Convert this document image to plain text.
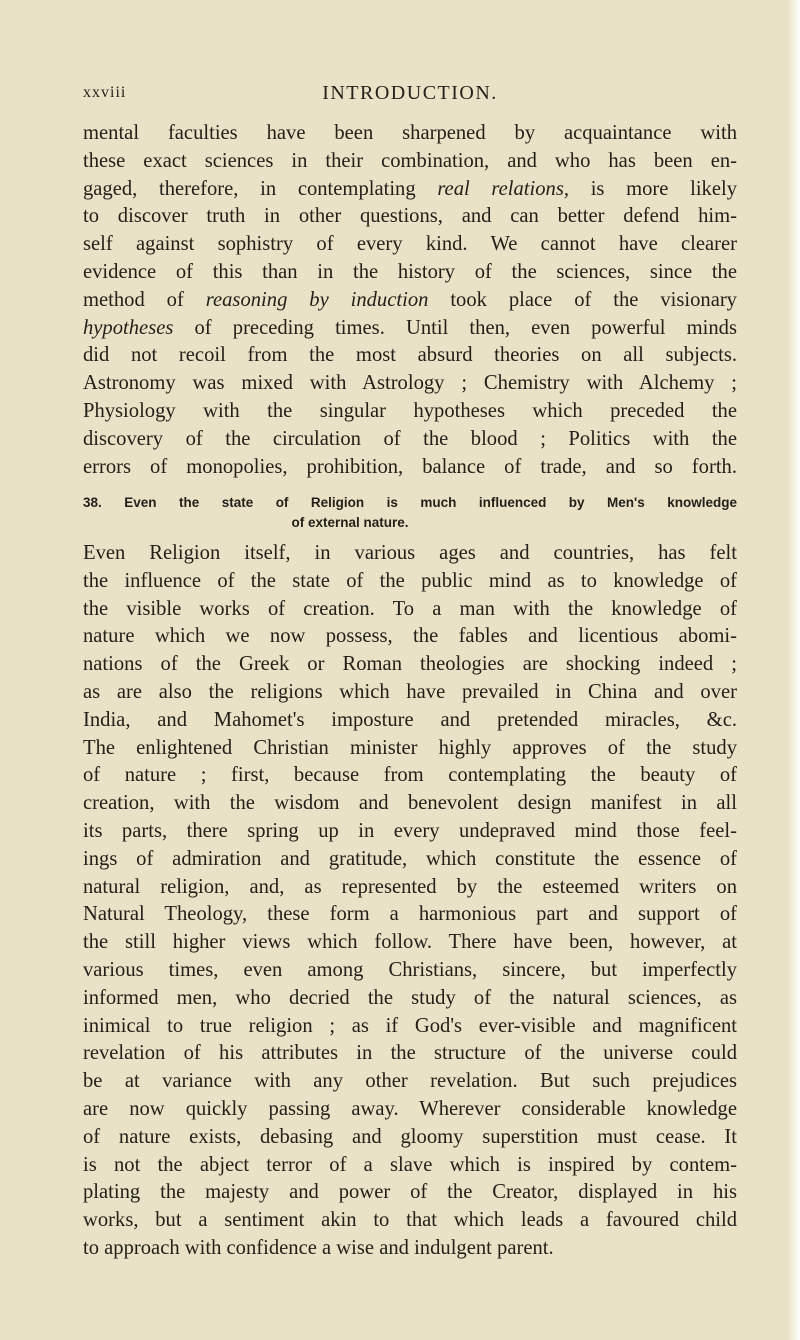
xxviii	INTRODUCTION.
mental faculties have been sharpened by acquaintance with
these exact sciences in their combination, and who has been en-
gaged, therefore, in contemplating real relations, is more likely
to discover truth in other questions, and can better defend him-
self against sophistry of every kind. We cannot have clearer
evidence of this than in the history of the sciences, since the
method of reasoning by induction took place of the visionary
hypotheses of preceding times. Until then, even powerful minds
did not recoil from the most absurd theories on all subjects.
Astronomy was mixed with Astrology ; Chemistry with Alchemy ;
Physiology with the singular hypotheses which preceded the
discovery of the circulation of the blood ; Politics with the
errors of monopolies, prohibition, balance of trade, and so forth.
38. Even the state of Religion is much influenced by Men's knowledge
of external nature.
Even Religion itself, in various ages and countries, has felt
the influence of the state of the public mind as to knowledge of
the visible works of creation. To a man with the knowledge of
nature which we now possess, the fables and licentious abomi-
nations of the Greek or Roman theologies are shocking indeed ;
as are also the religions which have prevailed in China and over
India, and Mahomet's imposture and pretended miracles, &c.
The enlightened Christian minister highly approves of the study
of nature ; first, because from contemplating the beauty of
creation, with the wisdom and benevolent design manifest in all
its parts, there spring up in every undepraved mind those feel-
ings of admiration and gratitude, which constitute the essence of
natural religion, and, as represented by the esteemed writers on
Natural Theology, these form a harmonious part and support of
the still higher views which follow. There have been, however, at
various times, even among Christians, sincere, but imperfectly
informed men, who decried the study of the natural sciences, as
inimical to true religion ; as if God's ever-visible and magnificent
revelation of his attributes in the structure of the universe could
be at variance with any other revelation. But such prejudices
are now quickly passing away. Wherever considerable knowledge
of nature exists, debasing and gloomy superstition must cease. It
is not the abject terror of a slave which is inspired by contem-
plating the majesty and power of the Creator, displayed in his
works, but a sentiment akin to that which leads a favoured child
to approach with confidence a wise and indulgent parent.
